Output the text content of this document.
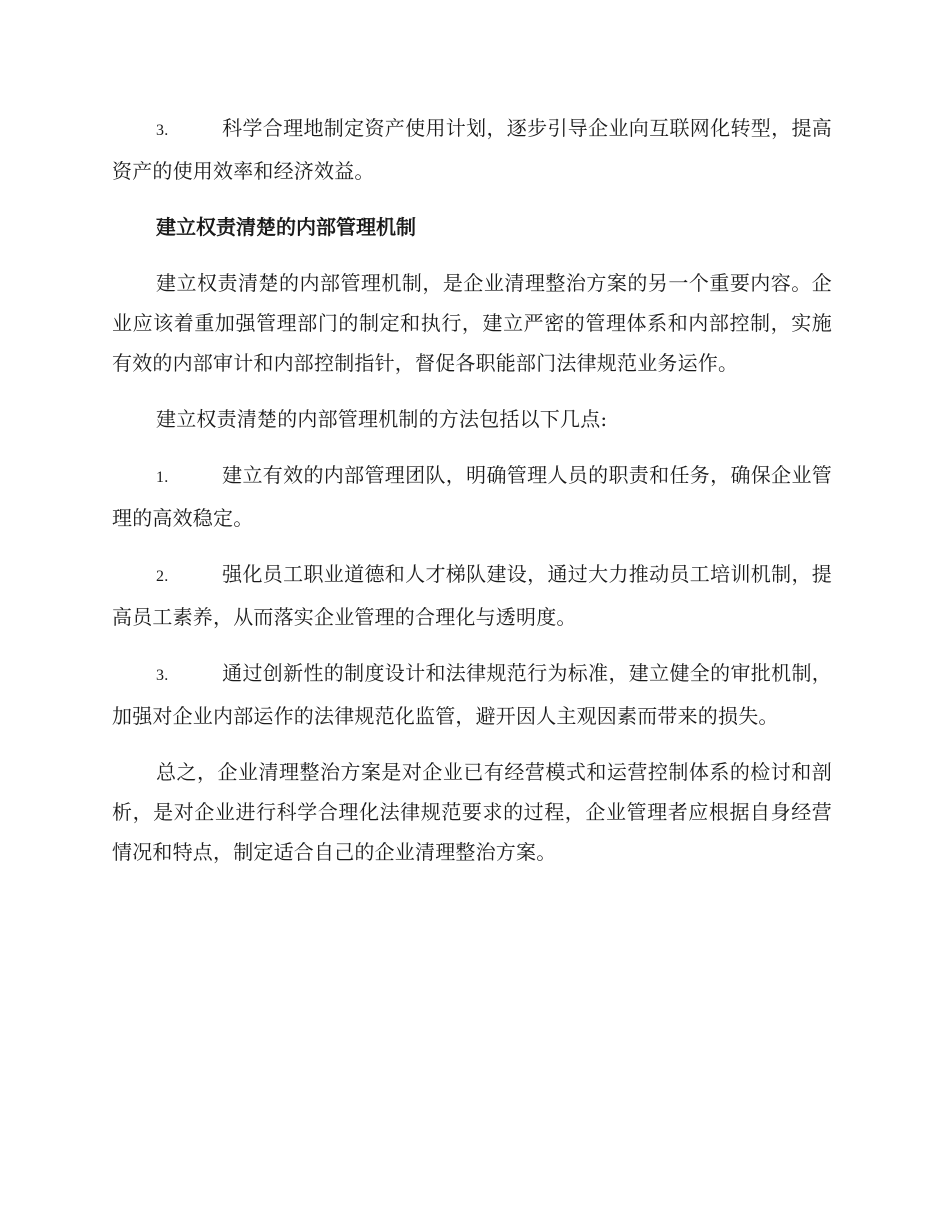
3.	科学合理地制定资产使用计划，逐步引导企业向互联网化转型，提高资产的使用效率和经济效益。

建立权责清楚的内部管理机制

建立权责清楚的内部管理机制，是企业清理整治方案的另一个重要内容。企业应该着重加强管理部门的制定和执行，建立严密的管理体系和内部控制，实施有效的内部审计和内部控制指针，督促各职能部门法律规范业务运作。

建立权责清楚的内部管理机制的方法包括以下几点:

1.	建立有效的内部管理团队，明确管理人员的职责和任务，确保企业管理的高效稳定。

2.	强化员工职业道德和人才梯队建设，通过大力推动员工培训机制，提高员工素养，从而落实企业管理的合理化与透明度。

3.	通过创新性的制度设计和法律规范行为标准，建立健全的审批机制，加强对企业内部运作的法律规范化监管，避开因人主观因素而带来的损失。

总之，企业清理整治方案是对企业已有经营模式和运营控制体系的检讨和剖析，是对企业进行科学合理化法律规范要求的过程，企业管理者应根据自身经营情况和特点，制定适合自己的企业清理整治方案。
